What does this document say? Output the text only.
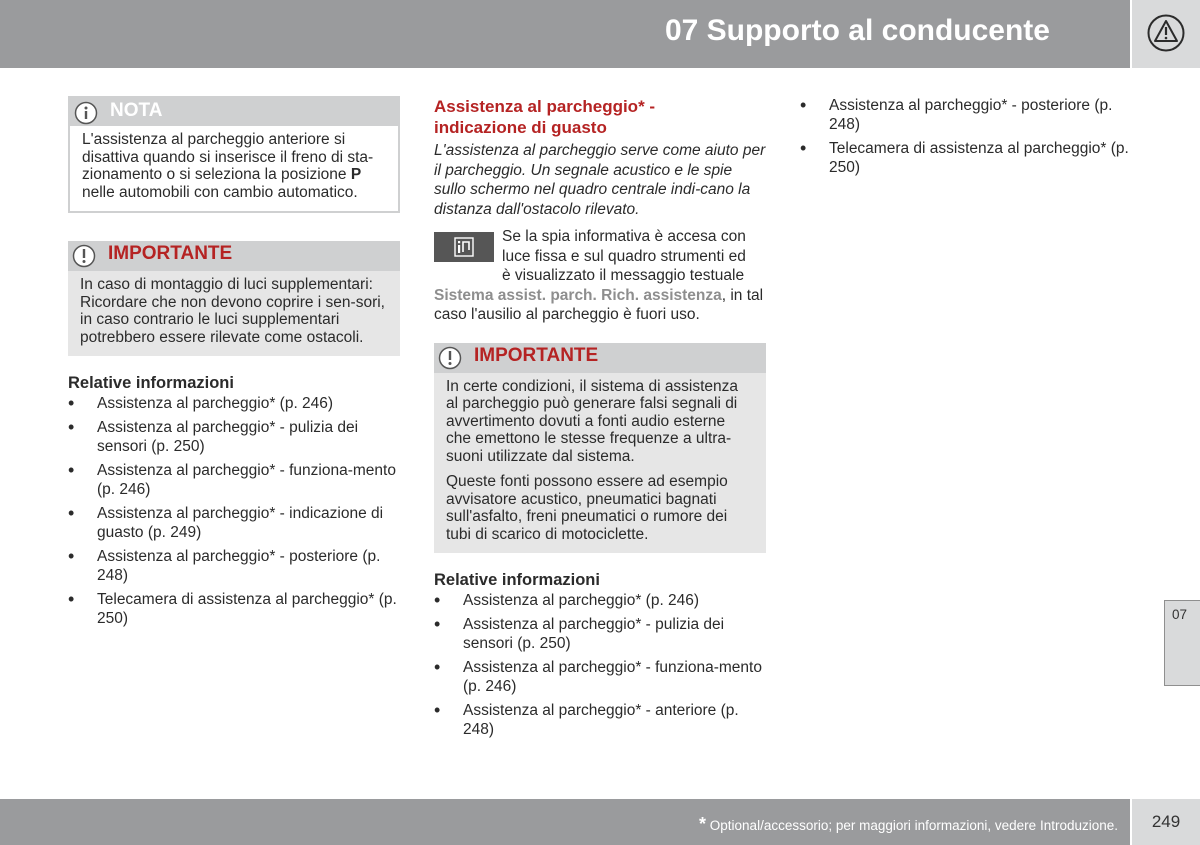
07 Supporto al conducente
NOTA

L'assistenza al parcheggio anteriore si disattiva quando si inserisce il freno di sta-zionamento o si seleziona la posizione P nelle automobili con cambio automatico.

IMPORTANTE

In caso di montaggio di luci supplementari: Ricordare che non devono coprire i sen-sori, in caso contrario le luci supplementari potrebbero essere rilevate come ostacoli.

Relative informazioni

• Assistenza al parcheggio* (p. 246)
• Assistenza al parcheggio* - pulizia dei sensori (p. 250)
• Assistenza al parcheggio* - funziona-mento (p. 246)
• Assistenza al parcheggio* - indicazione di guasto (p. 249)
• Assistenza al parcheggio* - posteriore (p. 248)
• Telecamera di assistenza al parcheggio* (p. 250)

Assistenza al parcheggio* -
indicazione di guasto

L'assistenza al parcheggio serve come aiuto per il parcheggio. Un segnale acustico e le spie sullo schermo nel quadro centrale indi-cano la distanza dall'ostacolo rilevato.

Se la spia informativa è accesa con
luce fissa e sul quadro strumenti ed
è visualizzato il messaggio testuale
Sistema assist. parch. Rich. assistenza, in tal caso l'ausilio al parcheggio è fuori uso.
IMPORTANTE

In certe condizioni, il sistema di assistenza al parcheggio può generare falsi segnali di avvertimento dovuti a fonti audio esterne che emettono le stesse frequenze a ultra-suoni utilizzate dal sistema.

Queste fonti possono essere ad esempio avvisatore acustico, pneumatici bagnati sull'asfalto, freni pneumatici o rumore dei tubi di scarico di motociclette.

Relative informazioni

• Assistenza al parcheggio* (p. 246)
• Assistenza al parcheggio* - pulizia dei sensori (p. 250)
• Assistenza al parcheggio* - funziona-mento (p. 246)
• Assistenza al parcheggio* - anteriore (p. 248)
• Assistenza al parcheggio* - posteriore (p. 248)
• Telecamera di assistenza al parcheggio* (p. 250)
07
* Optional/accessorio; per maggiori informazioni, vedere Introduzione.	249
